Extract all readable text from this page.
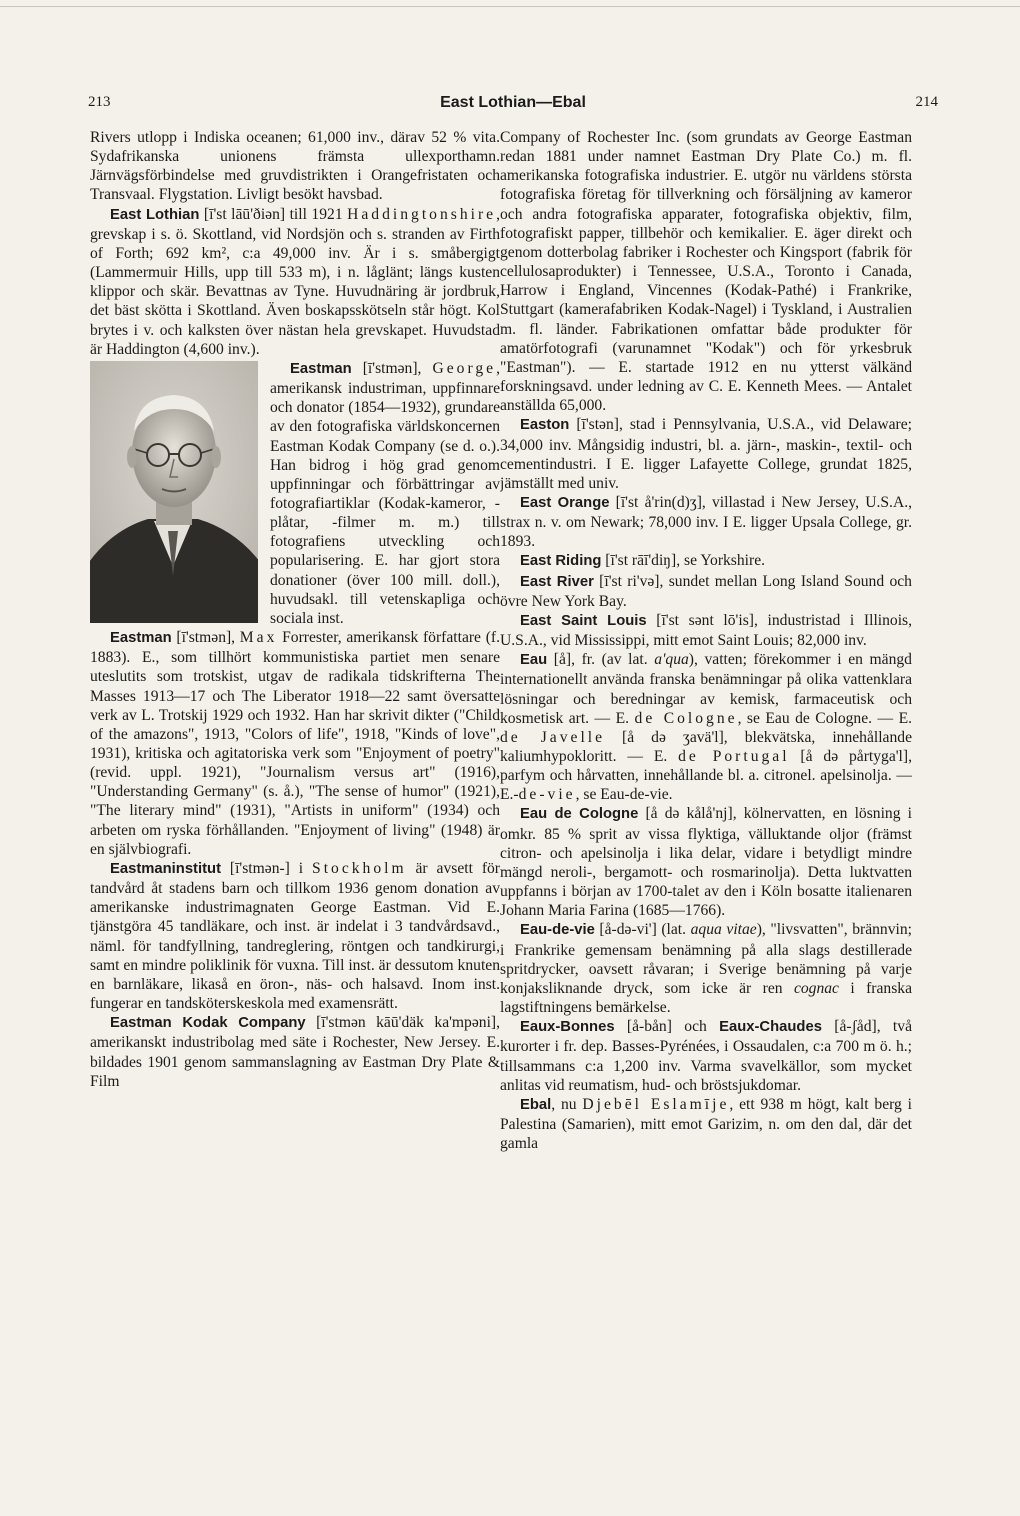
213	East Lothian—Ebal	214

Rivers utlopp i Indiska oceanen; 61,000 inv., därav 52 % vita. Sydafrikanska unionens främsta ullexporthamn. Järnvägsförbindelse med gruvdistrikten i Orangefristaten och Transvaal. Flygstation. Livligt besökt havsbad.

East Lothian [ī'st lāū'ðiən] till 1921 Haddingtonshire, grevskap i s. ö. Skottland, vid Nordsjön och s. stranden av Firth of Forth; 692 km², c:a 49,000 inv. Är i s. småbergigt (Lammermuir Hills, upp till 533 m), i n. låglänt; längs kusten klippor och skär. Bevattnas av Tyne. Huvudnäring är jordbruk, det bäst skötta i Skottland. Även boskapsskötseln står högt. Kol brytes i v. och kalksten över nästan hela grevskapet. Huvudstad är Haddington (4,600 inv.).

Eastman [ī'stmən],
George, amerikansk industriman, uppfinnare och donator (1854—1932), grundare av den fotografiska världskoncernen Eastman Kodak Company (se d. o.). Han bidrog i hög grad genom uppfinningar och förbättringar av fotografiartiklar (Kodak-kameror, -plåtar, -filmer m. m.) till fotografiens utveckling och popularisering. E. har gjort stora donationer (över 100 mill. doll.), huvudsakl. till vetenskapliga och sociala inst.

Eastman [ī'stmən], Max Forrester, amerikansk författare (f. 1883). E., som tillhört kommunistiska partiet men senare uteslutits som trotskist, utgav de radikala tidskrifterna The Masses 1913—17 och The Liberator 1918—22 samt översatte verk av L. Trotskij 1929 och 1932. Han har skrivit dikter ("Child of the amazons", 1913, "Colors of life", 1918, "Kinds of love", 1931), kritiska och agitatoriska verk som "Enjoyment of poetry" (revid. uppl. 1921), "Journalism versus art" (1916), "Understanding Germany" (s. å.), "The sense of humor" (1921), "The literary mind" (1931), "Artists in uniform" (1934) och arbeten om ryska förhållanden. "Enjoyment of living" (1948) är en självbiografi.

Eastmaninstitut [ī'stmən-] i Stockholm är avsett för tandvård åt stadens barn och tillkom 1936 genom donation av amerikanske industrimagnaten George Eastman. Vid E. tjänstgöra 45 tandläkare, och inst. är indelat i 3 tandvårdsavd., näml. för tandfyllning, tandreglering, röntgen och tandkirurgi, samt en mindre poliklinik för vuxna. Till inst. är dessutom knuten en barnläkare, likaså en öron-, näs- och halsavd. Inom inst. fungerar en tandsköterskeskola med examensrätt.

Eastman Kodak Company [ī'stmən kāū'däk ka'mpəni], amerikanskt industribolag med säte i Rochester, New Jersey. E. bildades 1901 genom sammanslagning av Eastman Dry Plate & Film

Company of Rochester Inc. (som grundats av George Eastman redan 1881 under namnet Eastman Dry Plate Co.) m. fl. amerikanska fotografiska industrier. E. utgör nu världens största fotografiska företag för tillverkning och försäljning av kameror och andra fotografiska apparater, fotografiska objektiv, film, fotografiskt papper, tillbehör och kemikalier. E. äger direkt och genom dotterbolag fabriker i Rochester och Kingsport (fabrik för cellulosaprodukter) i Tennessee, U.S.A., Toronto i Canada, Harrow i England, Vincennes (Kodak-Pathé) i Frankrike, Stuttgart (kamerafabriken Kodak-Nagel) i Tyskland, i Australien m. fl. länder. Fabrikationen omfattar både produkter för amatörfotografi (varunamnet "Kodak") och för yrkesbruk "Eastman"). — E. startade 1912 en nu ytterst välkänd forskningsavd. under ledning av C. E. Kenneth Mees. — Antalet anställda 65,000.

Easton [ī'stən], stad i Pennsylvania, U.S.A., vid Delaware; 34,000 inv. Mångsidig industri, bl. a. järn-, maskin-, textil- och cementindustri. I E. ligger Lafayette College, grundat 1825, jämställt med univ.

East Orange [ī'st å'rin(d)ʒ], villastad i New Jersey, U.S.A., strax n. v. om Newark; 78,000 inv. I E. ligger Upsala College, gr. 1893.

East Riding [ī'st rāī'diŋ], se Yorkshire.

East River [ī'st ri'və], sundet mellan Long Island Sound och övre New York Bay.

East Saint Louis [ī'st sənt lō'is], industristad i Illinois, U.S.A., vid Mississippi, mitt emot Saint Louis; 82,000 inv.

Eau [å], fr. (av lat. a'qua), vatten; förekommer i en mängd internationellt använda franska benämningar på olika vattenklara lösningar och beredningar av kemisk, farmaceutisk och kosmetisk art. — E. de Cologne, se Eau de Cologne. — E. de Javelle [å də ʒavä'l], blekvätska, innehållande kaliumhypokloritt. — E. de Portugal [å də pårtyga'l], parfym och hårvatten, innehållande bl. a. citronel. apelsinolja. — E.-de-vie, se Eau-de-vie.

Eau de Cologne [å də kålå'nj], kölnervatten, en lösning i omkr. 85 % sprit av vissa flyktiga, välluktande oljor (främst citron- och apelsinolja i lika delar, vidare i betydligt mindre mängd neroli-, bergamott- och rosmarinolja). Detta luktvatten uppfanns i början av 1700-talet av den i Köln bosatte italienaren Johann Maria Farina (1685—1766).

Eau-de-vie [å-də-vi'] (lat. aqua vitae), "livsvatten", brännvin; i Frankrike gemensam benämning på alla slags destillerade spritdrycker, oavsett råvaran; i Sverige benämning på varje konjaksliknande dryck, som icke är ren cognac i franska lagstiftningens bemärkelse.

Eaux-Bonnes [å-bån] och Eaux-Chaudes [å-ʃåd], två kurorter i fr. dep. Basses-Pyrénées, i Ossaudalen, c:a 700 m ö. h.; tillsammans c:a 1,200 inv. Varma svavelkällor, som mycket anlitas vid reumatism, hud- och bröstsjukdomar.

Ebal, nu Djebēl Eslamīje, ett 938 m högt, kalt berg i Palestina (Samarien), mitt emot Garizim, n. om den dal, där det gamla
